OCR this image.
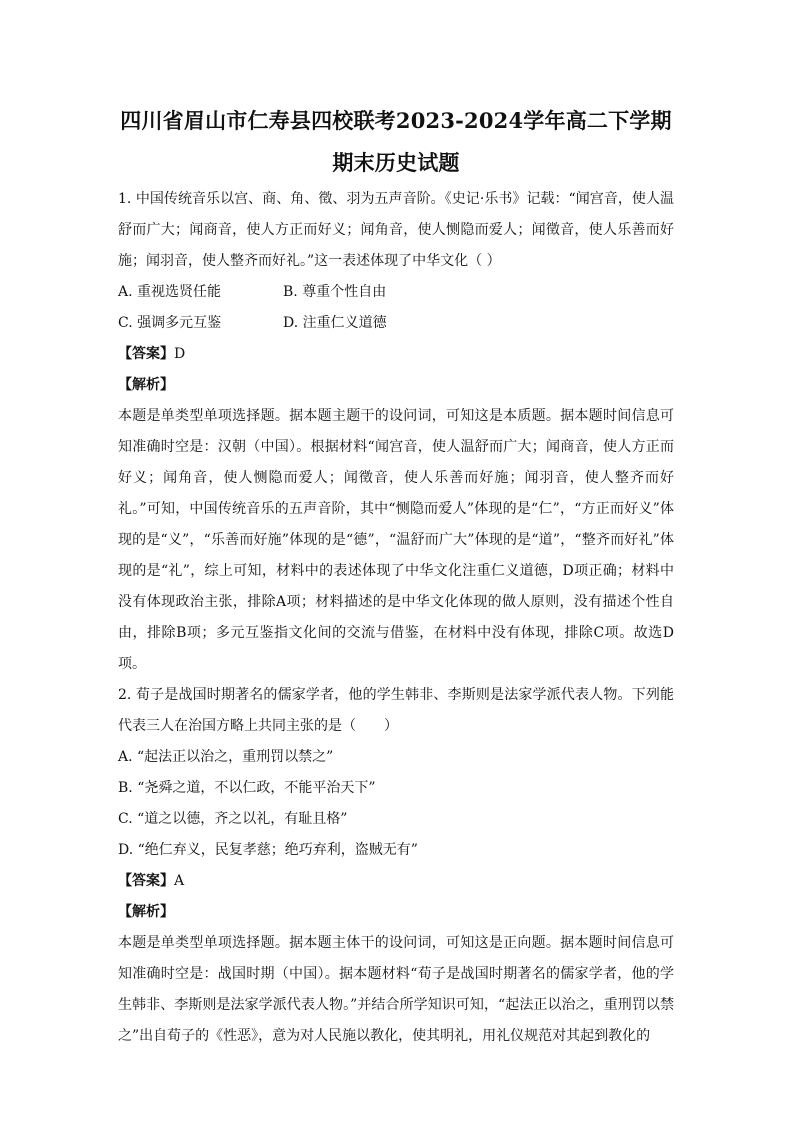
四川省眉山市仁寿县四校联考2023-2024学年高二下学期
期末历史试题

1. 中国传统音乐以宫、商、角、徵、羽为五声音阶。《史记·乐书》记载：“闻宫音，使人温舒而广大；闻商音，使人方正而好义；闻角音，使人恻隐而爱人；闻徵音，使人乐善而好施；闻羽音，使人整齐而好礼。”这一表述体现了中华文化（ ）

A. 重视选贤任能	B. 尊重个性自由
C. 强调多元互鉴	D. 注重仁义道德

【答案】D

【解析】

本题是单类型单项选择题。据本题主题干的设问词，可知这是本质题。据本题时间信息可知准确时空是：汉朝（中国）。根据材料“闻宫音，使人温舒而广大；闻商音，使人方正而好义；闻角音，使人恻隐而爱人；闻徵音，使人乐善而好施；闻羽音，使人整齐而好礼。”可知，中国传统音乐的五声音阶，其中“恻隐而爱人”体现的是“仁”，“方正而好义”体现的是“义”，“乐善而好施”体现的是“德”，“温舒而广大”体现的是“道”，“整齐而好礼”体现的是“礼”，综上可知，材料中的表述体现了中华文化注重仁义道德，D项正确；材料中没有体现政治主张，排除A项；材料描述的是中华文化体现的做人原则，没有描述个性自由，排除B项；多元互鉴指文化间的交流与借鉴，在材料中没有体现，排除C项。故选D项。

2. 荀子是战国时期著名的儒家学者，他的学生韩非、李斯则是法家学派代表人物。下列能代表三人在治国方略上共同主张的是（　　）

A. “起法正以治之，重刑罚以禁之”

B. “尧舜之道，不以仁政，不能平治天下”

C. “道之以德，齐之以礼，有耻且格”

D. “绝仁弃义，民复孝慈；绝巧弃利，盗贼无有”

【答案】A

【解析】

本题是单类型单项选择题。据本题主体干的设问词，可知这是正向题。据本题时间信息可知准确时空是：战国时期（中国）。据本题材料“荀子是战国时期著名的儒家学者，他的学生韩非、李斯则是法家学派代表人物。”并结合所学知识可知，“起法正以治之，重刑罚以禁之”出自荀子的《性恶》，意为对人民施以教化，使其明礼，用礼仪规范对其起到教化的
